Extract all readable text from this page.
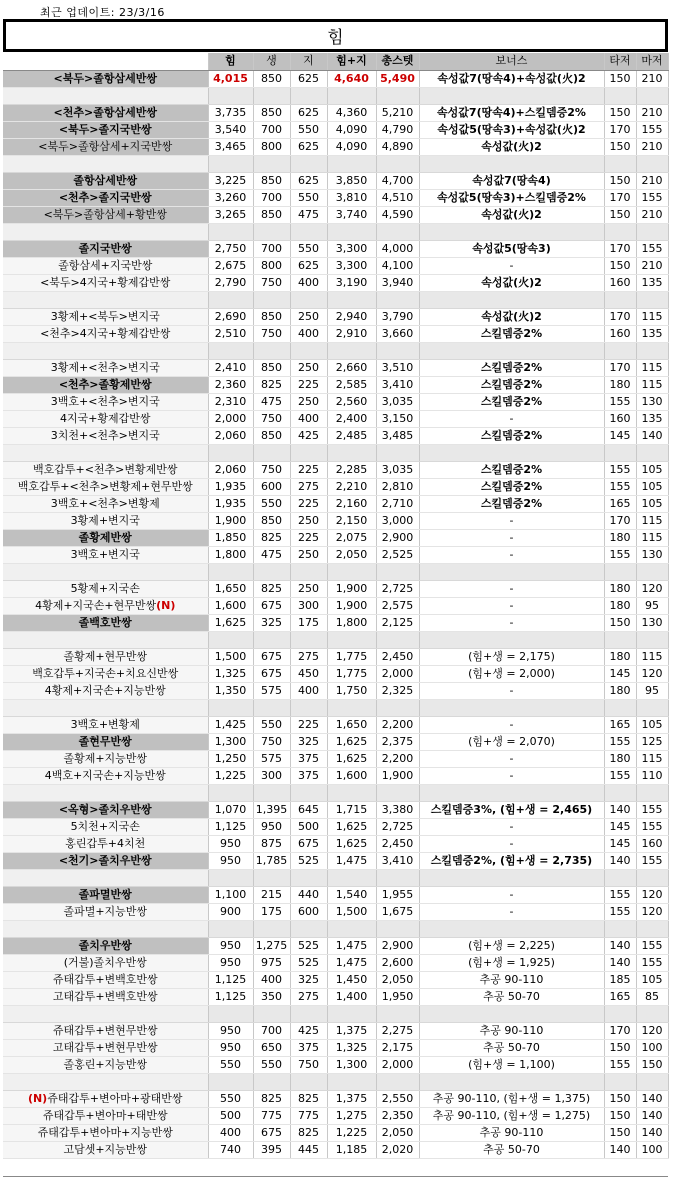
최근 업데이트: 23/3/16
힘
	힘	생	지	힘+지	총스텟	보너스	타저	마저
<북두>졸항삼세반쌍	4,015	850	625	4,640	5,490	속성값7(땅속4)+속성값(火)2	150	210

<천추>졸항삼세반쌍	3,735	850	625	4,360	5,210	속성값7(땅속4)+스킬뎀증2%	150	210
<북두>졸지국반쌍	3,540	700	550	4,090	4,790	속성값5(땅속3)+속성값(火)2	170	155
<북두>졸항삼세+지국반쌍	3,465	800	625	4,090	4,890	속성값(火)2	150	210

졸항삼세반쌍	3,225	850	625	3,850	4,700	속성값7(땅속4)	150	210
<천추>졸지국반쌍	3,260	700	550	3,810	4,510	속성값5(땅속3)+스킬뎀증2%	170	155
<북두>졸항삼세+황반쌍	3,265	850	475	3,740	4,590	속성값(火)2	150	210

졸지국반쌍	2,750	700	550	3,300	4,000	속성값5(땅속3)	170	155
졸항삼세+지국반쌍	2,675	800	625	3,300	4,100	-	150	210
<북두>4지국+황제갑반쌍	2,790	750	400	3,190	3,940	속성값(火)2	160	135

3황제+<북두>변지국	2,690	850	250	2,940	3,790	속성값(火)2	170	115
<천추>4지국+황제갑반쌍	2,510	750	400	2,910	3,660	스킬뎀증2%	160	135

3황제+<천추>변지국	2,410	850	250	2,660	3,510	스킬뎀증2%	170	115
<천추>졸황제반쌍	2,360	825	225	2,585	3,410	스킬뎀증2%	180	115
3백호+<천추>변지국	2,310	475	250	2,560	3,035	스킬뎀증2%	155	130
4지국+황제갑반쌍	2,000	750	400	2,400	3,150	-	160	135
3치천+<천추>변지국	2,060	850	425	2,485	3,485	스킬뎀증2%	145	140

백호갑투+<천추>변황제반쌍	2,060	750	225	2,285	3,035	스킬뎀증2%	155	105
백호갑투+<천추>변황제+현무반쌍	1,935	600	275	2,210	2,810	스킬뎀증2%	155	105
3백호+<천추>변황제	1,935	550	225	2,160	2,710	스킬뎀증2%	165	105
3황제+변지국	1,900	850	250	2,150	3,000	-	170	115
졸황제반쌍	1,850	825	225	2,075	2,900	-	180	115
3백호+변지국	1,800	475	250	2,050	2,525	-	155	130

5황제+지국손	1,650	825	250	1,900	2,725	-	180	120
4황제+지국손+현무반쌍(N)	1,600	675	300	1,900	2,575	-	180	95
졸백호반쌍	1,625	325	175	1,800	2,125	-	150	130

졸황제+현무반쌍	1,500	675	275	1,775	2,450	(힘+생 = 2,175)	180	115
백호갑투+지국손+치요신반쌍	1,325	675	450	1,775	2,000	(힘+생 = 2,000)	145	120
4황제+지국손+지능반쌍	1,350	575	400	1,750	2,325	-	180	95

3백호+변황제	1,425	550	225	1,650	2,200	-	165	105
졸현무반쌍	1,300	750	325	1,625	2,375	(힘+생 = 2,070)	155	125
졸황제+지능반쌍	1,250	575	375	1,625	2,200	-	180	115
4백호+지국손+지능반쌍	1,225	300	375	1,600	1,900	-	155	110

<옥형>졸치우반쌍	1,070	1,395	645	1,715	3,380	스킬뎀증3%, (힘+생 = 2,465)	140	155
5치천+지국손	1,125	950	500	1,625	2,725	-	145	155
홍린갑투+4치천	950	875	675	1,625	2,450	-	145	160
<천기>졸치우반쌍	950	1,785	525	1,475	3,410	스킬뎀증2%, (힘+생 = 2,735)	140	155

졸파멸반쌍	1,100	215	440	1,540	1,955	-	155	120
졸파멸+지능반쌍	900	175	600	1,500	1,675	-	155	120

졸치우반쌍	950	1,275	525	1,475	2,900	(힘+생 = 2,225)	140	155
(거불)졸치우반쌍	950	975	525	1,475	2,600	(힘+생 = 1,925)	140	155
쥬태갑투+변백호반쌍	1,125	400	325	1,450	2,050	추공 90-110	185	105
고태갑투+변백호반쌍	1,125	350	275	1,400	1,950	추공 50-70	165	85

쥬태갑투+변현무반쌍	950	700	425	1,375	2,275	추공 90-110	170	120
고태갑투+변현무반쌍	950	650	375	1,325	2,175	추공 50-70	150	100
졸홍린+지능반쌍	550	550	750	1,300	2,000	(힘+생 = 1,100)	155	150

(N)쥬태갑투+변아마+광태반쌍	550	825	825	1,375	2,550	추공 90-110, (힘+생 = 1,375)	150	140
쥬태갑투+변아마+태반쌍	500	775	775	1,275	2,350	추공 90-110, (힘+생 = 1,275)	150	140
쥬태갑투+변아마+지능반쌍	400	675	825	1,225	2,050	추공 90-110	150	140
고담셋+지능반쌍	740	395	445	1,185	2,020	추공 50-70	140	100
